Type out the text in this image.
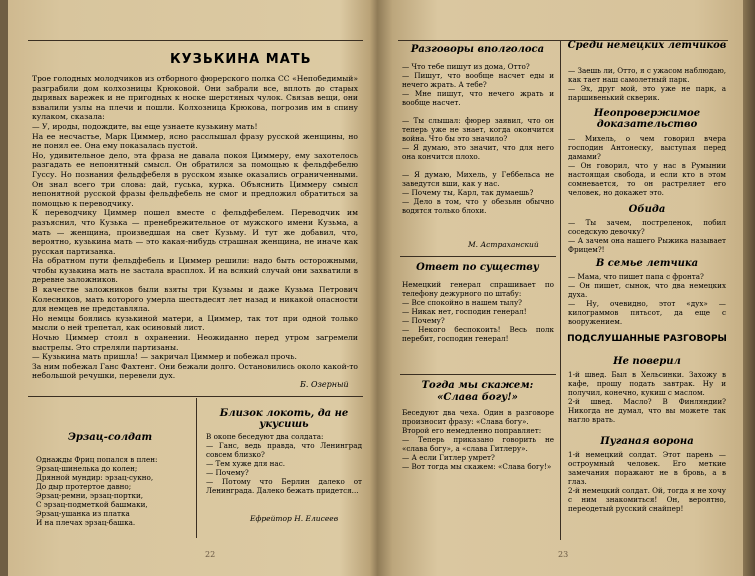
КУЗЬКИНА МАТЬ
Трое голодных молодчиков из отборного фюрерского полка СС «Непобедимый» разграбили дом колхозницы Крюковой. Они забрали все, вплоть до старых дырявых варежек и не пригодных к носке шерстяных чулок. Связав вещи, они взвалили узлы на плечи и пошли. Колхозница Крюкова, погрозив им в спину кулаком, сказала:
— У, ироды, подождите, вы еще узнаете кузькину мать!
На ее несчастье, Марк Циммер, ясно расслышал фразу русской женщины, но не понял ее. Она ему показалась пустой.
Но, удивительное дело, эта фраза не давала покоя Циммеру, ему захотелось разгадать ее непонятный смысл. Он обратился за помощью к фельдфебелю Гуссу. Но познания фельдфебеля в русском языке оказались ограниченными. Он знал всего три слова: дай, гуська, курка. Объяснить Циммеру смысл непонятной русской фразы фельдфебель не смог и предложил обратиться за помощью к переводчику.
К переводчику Циммер пошел вместе с фельдфебелем. Переводчик им разъяснил, что Кузька — пренебрежительное от мужского имени Кузьма, а мать — женщина, произведшая на свет Кузьму. И тут же добавил, что, вероятно, кузькина мать — это какая-нибудь страшная женщина, не иначе как русская партизанка.
На обратном пути фельдфебель и Циммер решили: надо быть осторожными, чтобы кузькина мать не застала врасплох. И на всякий случай они захватили в деревне заложников.
В качестве заложников были взяты три Кузьмы и даже Кузьма Петрович Колесников, мать которого умерла шестьдесят лет назад и никакой опасности для немцев не представляла.
Но немцы боялись кузькиной матери, а Циммер, так тот при одной только мысли о ней трепетал, как осиновый лист.
Ночью Циммер стоял в охранении. Неожиданно перед утром загремели выстрелы. Это стреляли партизаны.
— Кузькина мать пришла! — закричал Циммер и побежал прочь.
За ним побежал Ганс Фахтенг. Они бежали долго. Остановились около какой-то небольшой речушки, перевели дух.

Б. Озерный
Эрзац-солдат
Однажды Фриц попался в плен:
Эрзац-шинелька до колен;
Дрянной мундир: эрзац-сукно,
До дыр протертое давно;
Эрзац-ремни, эрзац-портки,
С эрзац-подметкой башмаки,
Эрзац-ушанка из платка
И на плечах эрзац-башка.
Близок локоть, да не укусишь
В окопе беседуют два солдата:
— Ганс, ведь правда, что Ленинград совсем близко?
— Тем хуже для нас.
— Почему?
— Потому что Берлин далеко от Ленинграда. Далеко бежать придется...
Ефрейтор Н. Елисеев
22
Разговоры вполголоса
— Что тебе пишут из дома, Отто?
— Пишут, что вообще насчет еды и нечего жрать. А тебе?
— Мне пишут, что нечего жрать и вообще насчет.

— Ты слышал: фюрер заявил, что он теперь уже не знает, когда окончится война. Что бы это значило?
— Я думаю, это значит, что для него она кончится плохо.

— Я думаю, Михель, у Геббельса не заведутся вши, как у нас.
— Почему ты, Карл, так думаешь?
— Дело в том, что у обезьян обычно водятся только блохи.
М. Астраханский
Ответ по существу
Немецкий генерал спрашивает по телефону дежурного по штабу:
— Все спокойно в нашем тылу?
— Никак нет, господин генерал!
— Почему?
— Некого беспокоить! Весь полк перебит, господин генерал!
Тогда мы скажем: «Слава богу!»
Беседуют два чеха. Один в разговоре произносит фразу: «Слава богу».
Второй его немедленно поправляет:
— Теперь приказано говорить не «слава богу», а «слава Гитлеру».
— А если Гитлер умрет?
— Вот тогда мы скажем: «Слава богу!»
Среди немецких летчиков
— Заешь ли, Отто, я с ужасом наблюдаю, как тает наш самолетный парк.
— Эх, друг мой, это уже не парк, а паршивенький скверик.
Неопровержимое доказательство
— Михель, о чем говорил вчера господин Антонеску, выступая перед дамами?
— Он говорил, что у нас в Румынии настоящая свобода, и если кто в этом сомневается, то он растреляет его человек, но докажет это.
Обида
— Ты зачем, постреленок, побил соседскую девочку?
— А зачем она нашего Рыжика называет Фрицем?!
В семье летчика
— Мама, что пишет папа с фронта?
— Он пишет, сынок, что два немецких духа.
— Ну, очевидно, этот «дух» — килограммов пятьсот, да еще с вооружением.
ПОДСЛУШАННЫЕ РАЗГОВОРЫ
Не поверил
1-й швед. Был в Хельсинки. Захожу в кафе, прошу подать завтрак. Ну и получил, конечно, кукиш с маслом.
2-й швед. Масло? В Финляндии? Никогда не думал, что вы можете так нагло врать.
Пуганая ворона
1-й немецкий солдат. Этот парень — остроумный человек. Его меткие замечания поражают не в бровь, а в глаз.
2-й немецкий солдат. Ой, тогда я не хочу с ним знакомиться! Он, вероятно, переодетый русский снайпер!
23
